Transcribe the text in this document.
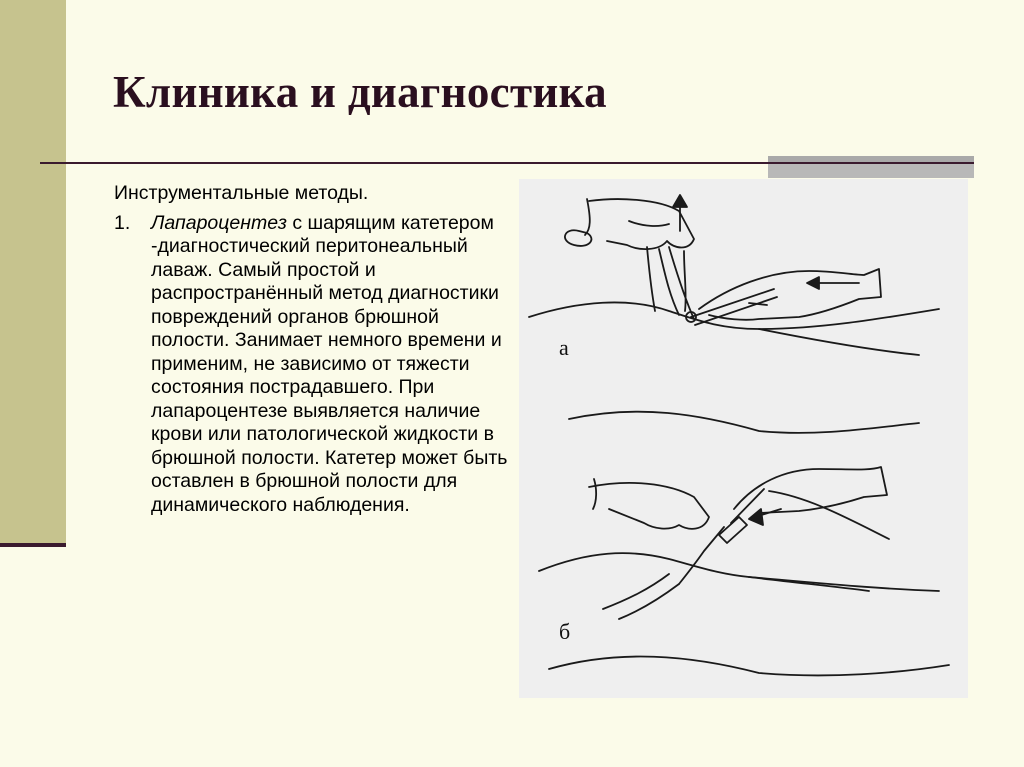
Клиника и диагностика

Инструментальные методы.

1.	Лапароцентез с шарящим катетером -диагностический перитонеальный лаваж. Самый простой и распространённый метод диагностики повреждений органов брюшной полости. Занимает немного времени и применим, не зависимо от тяжести состояния пострадавшего. При лапароцентезе выявляется наличие крови или патологической жидкости в брюшной полости. Катетер может быть оставлен в брюшной полости для динамического наблюдения.

а
б
